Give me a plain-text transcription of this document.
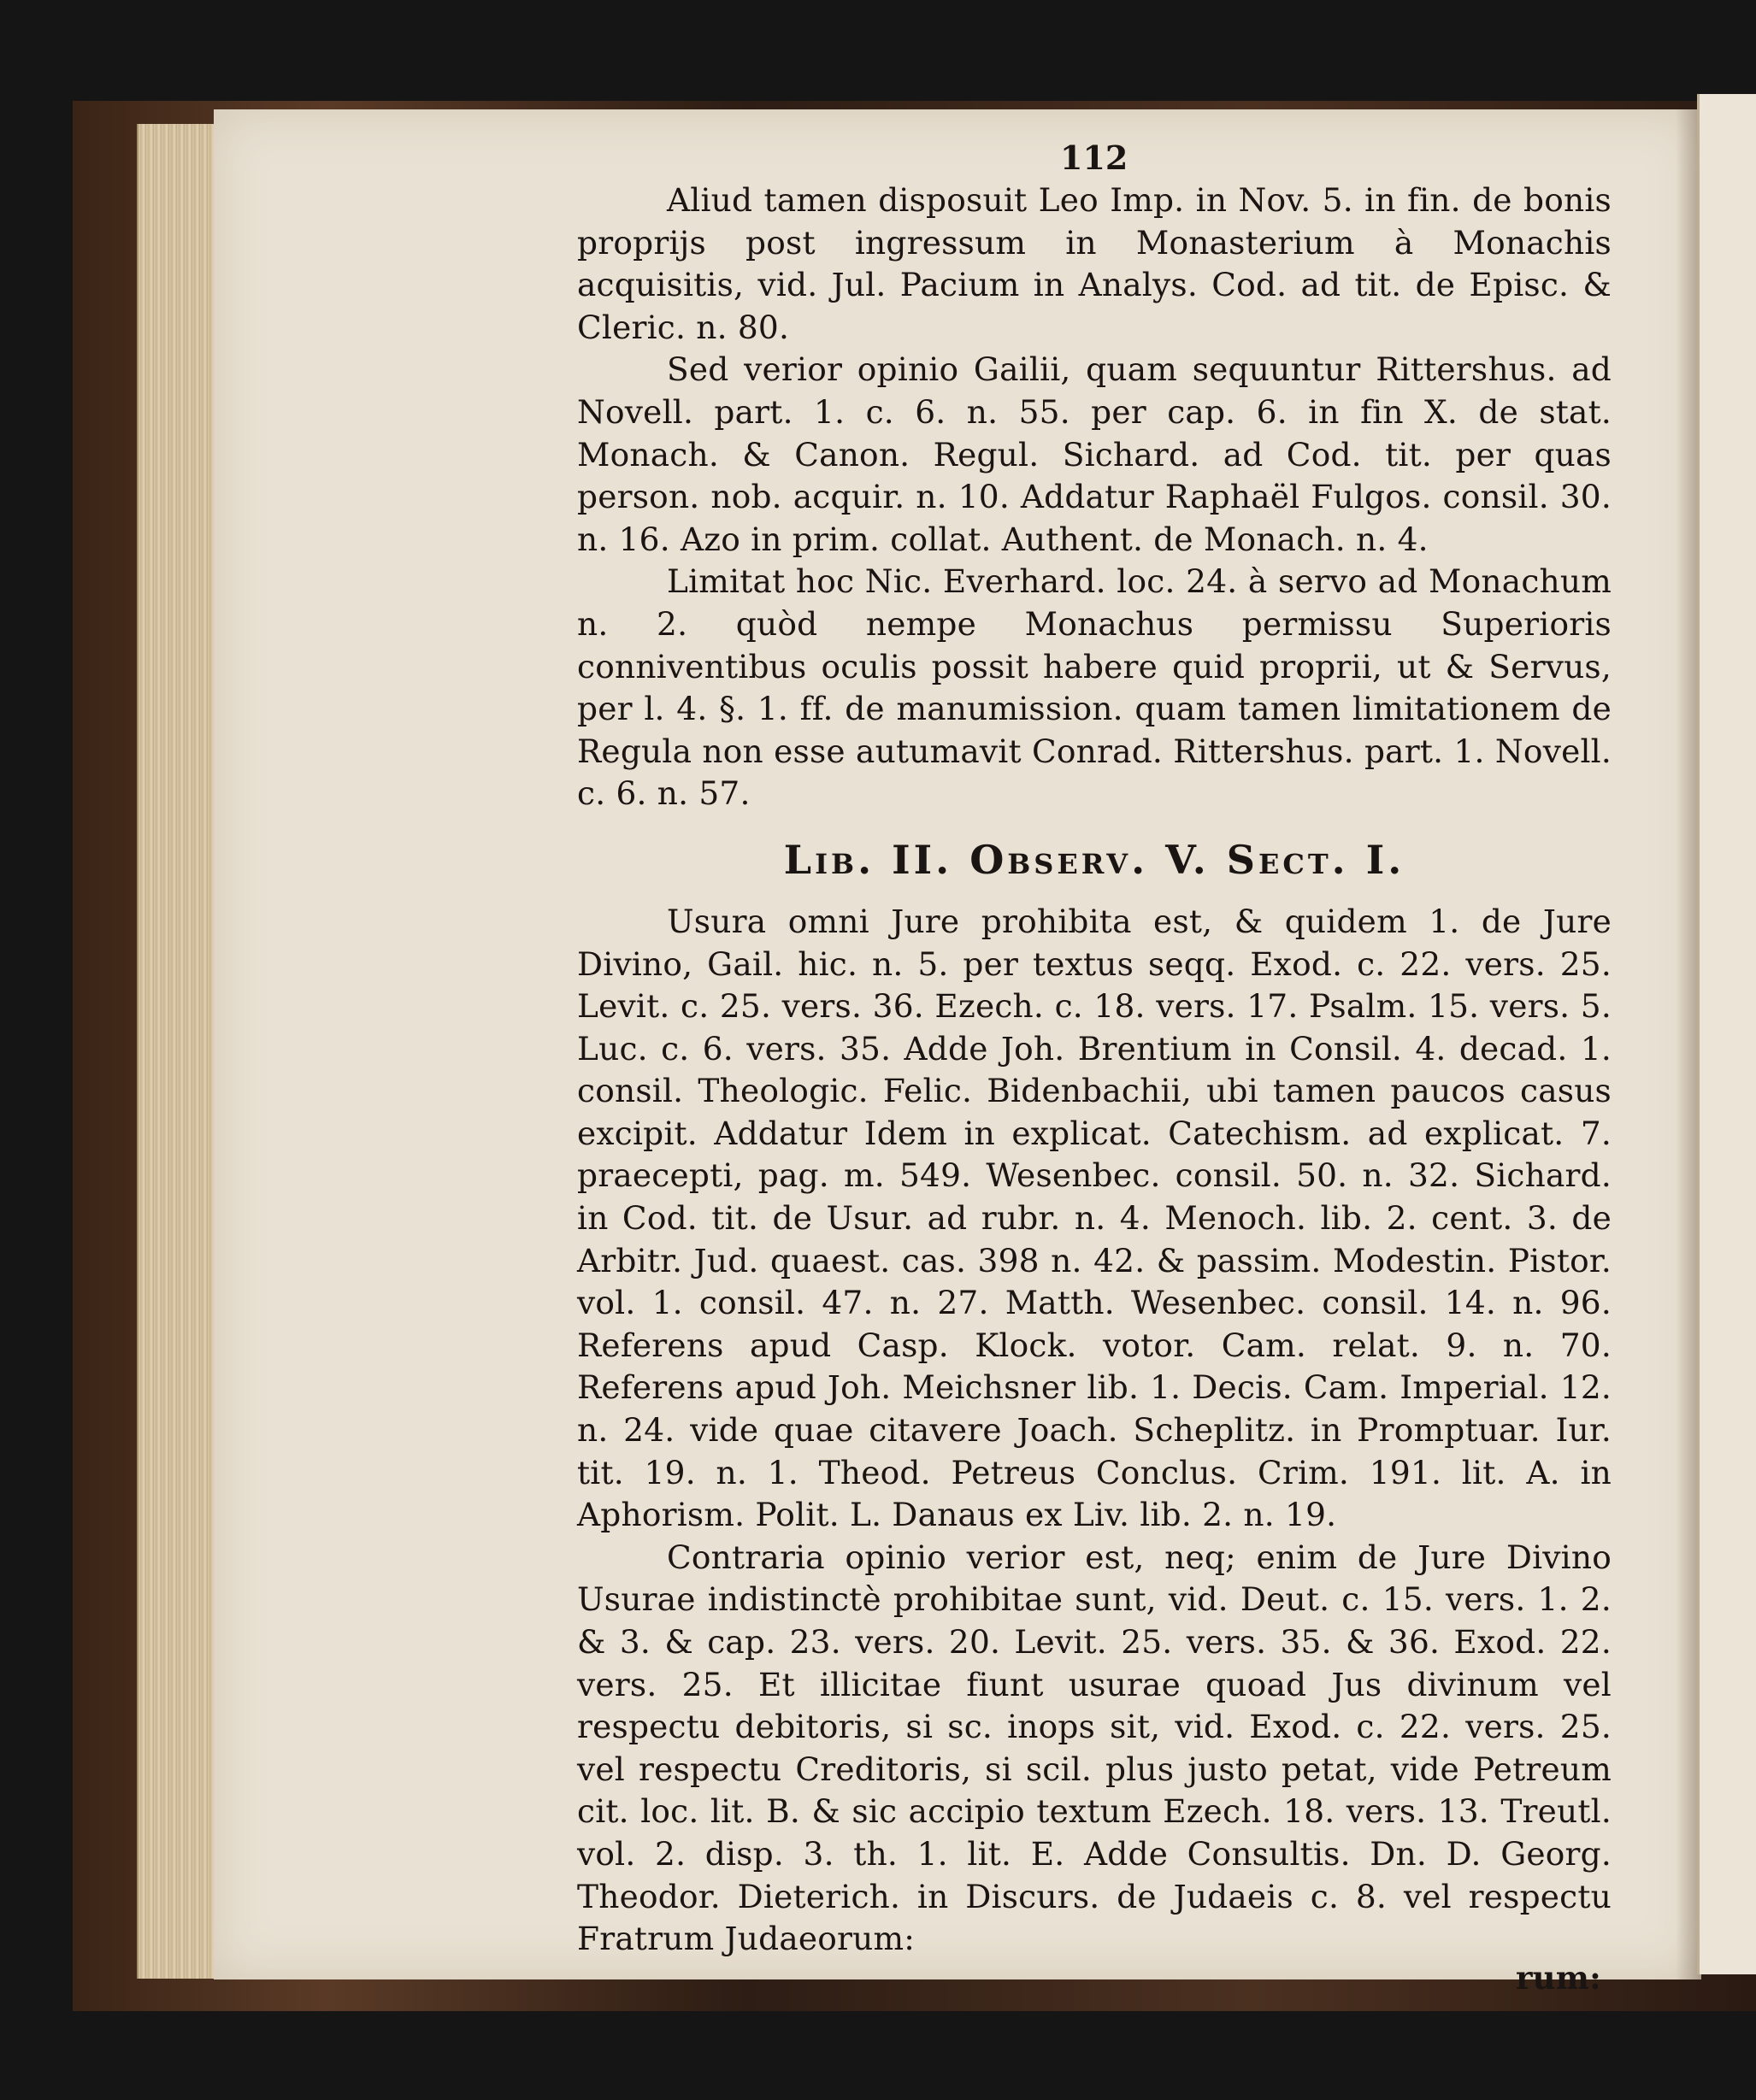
112

Aliud tamen disposuit Leo Imp. in Nov. 5. in fin. de bonis proprijs post ingressum in Monasterium à Monachis acquisitis, vid. Jul. Pacium in Analys. Cod. ad tit. de Episc. & Cleric. n. 80.

Sed verior opinio Gailii, quam sequuntur Rittershus. ad Novell. part. 1. c. 6. n. 55. per cap. 6. in fin X. de stat. Monach. & Canon. Regul. Sichard. ad Cod. tit. per quas person. nob. acquir. n. 10. Addatur Raphaël Fulgos. consil. 30. n. 16. Azo in prim. collat. Authent. de Monach. n. 4.

Limitat hoc Nic. Everhard. loc. 24. à servo ad Monachum n. 2. quòd nempe Monachus permissu Superioris conniventibus oculis possit habere quid proprii, ut & Servus, per l. 4. §. 1. ff. de manumission. quam tamen limitationem de Regula non esse autumavit Conrad. Rittershus. part. 1. Novell. c. 6. n. 57.

Lib. II. Observ. V. Sect. I.

Usura omni Jure prohibita est, & quidem 1. de Jure Divino, Gail. hic. n. 5. per textus seqq. Exod. c. 22. vers. 25. Levit. c. 25. vers. 36. Ezech. c. 18. vers. 17. Psalm. 15. vers. 5. Luc. c. 6. vers. 35. Adde Joh. Brentium in Consil. 4. decad. 1. consil. Theologic. Felic. Bidenbachii, ubi tamen paucos casus excipit. Addatur Idem in explicat. Catechism. ad explicat. 7. praecepti, pag. m. 549. Wesenbec. consil. 50. n. 32. Sichard. in Cod. tit. de Usur. ad rubr. n. 4. Menoch. lib. 2. cent. 3. de Arbitr. Jud. quaest. cas. 398 n. 42. & passim. Modestin. Pistor. vol. 1. consil. 47. n. 27. Matth. Wesenbec. consil. 14. n. 96. Referens apud Casp. Klock. votor. Cam. relat. 9. n. 70. Referens apud Joh. Meichsner lib. 1. Decis. Cam. Imperial. 12. n. 24. vide quae citavere Joach. Scheplitz. in Promptuar. Iur. tit. 19. n. 1. Theod. Petreus Conclus. Crim. 191. lit. A. in Aphorism. Polit. L. Danaus ex Liv. lib. 2. n. 19.

Contraria opinio verior est, neq; enim de Jure Divino Usurae indistinctè prohibitae sunt, vid. Deut. c. 15. vers. 1. 2. & 3. & cap. 23. vers. 20. Levit. 25. vers. 35. & 36. Exod. 22. vers. 25. Et illicitae fiunt usurae quoad Jus divinum vel respectu debitoris, si sc. inops sit, vid. Exod. c. 22. vers. 25. vel respectu Creditoris, si scil. plus justo petat, vide Petreum cit. loc. lit. B. & sic accipio textum Ezech. 18. vers. 13. Treutl. vol. 2. disp. 3. th. 1. lit. E. Adde Consultis. Dn. D. Georg. Theodor. Dieterich. in Discurs. de Judaeis c. 8. vel respectu Fratrum Judaeorum:

rum:
